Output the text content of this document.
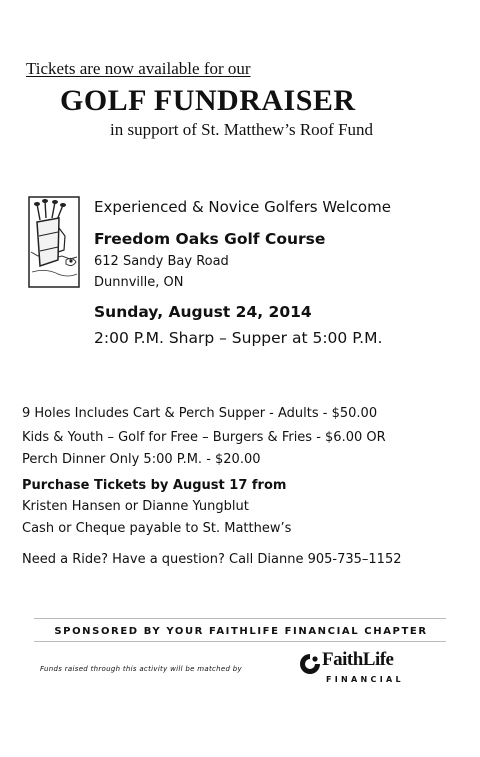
Tickets are now available for our

GOLF FUNDRAISER

in support of St. Matthew’s Roof Fund

Experienced & Novice Golfers Welcome

Freedom Oaks Golf Course

612 Sandy Bay Road

Dunnville, ON

Sunday, August 24, 2014

2:00 P.M. Sharp – Supper at 5:00 P.M.

9 Holes Includes Cart & Perch Supper - Adults - $50.00

Kids & Youth – Golf for Free – Burgers & Fries - $6.00 OR

Perch Dinner Only 5:00 P.M. - $20.00

Purchase Tickets by August 17 from

Kristen Hansen or Dianne Yungblut

Cash or Cheque payable to St. Matthew’s

Need a Ride? Have a question? Call Dianne 905-735–1152

SPONSORED BY YOUR FAITHLIFE FINANCIAL CHAPTER

Funds raised through this activity will be matched by	FaithLife

FINANCIAL
